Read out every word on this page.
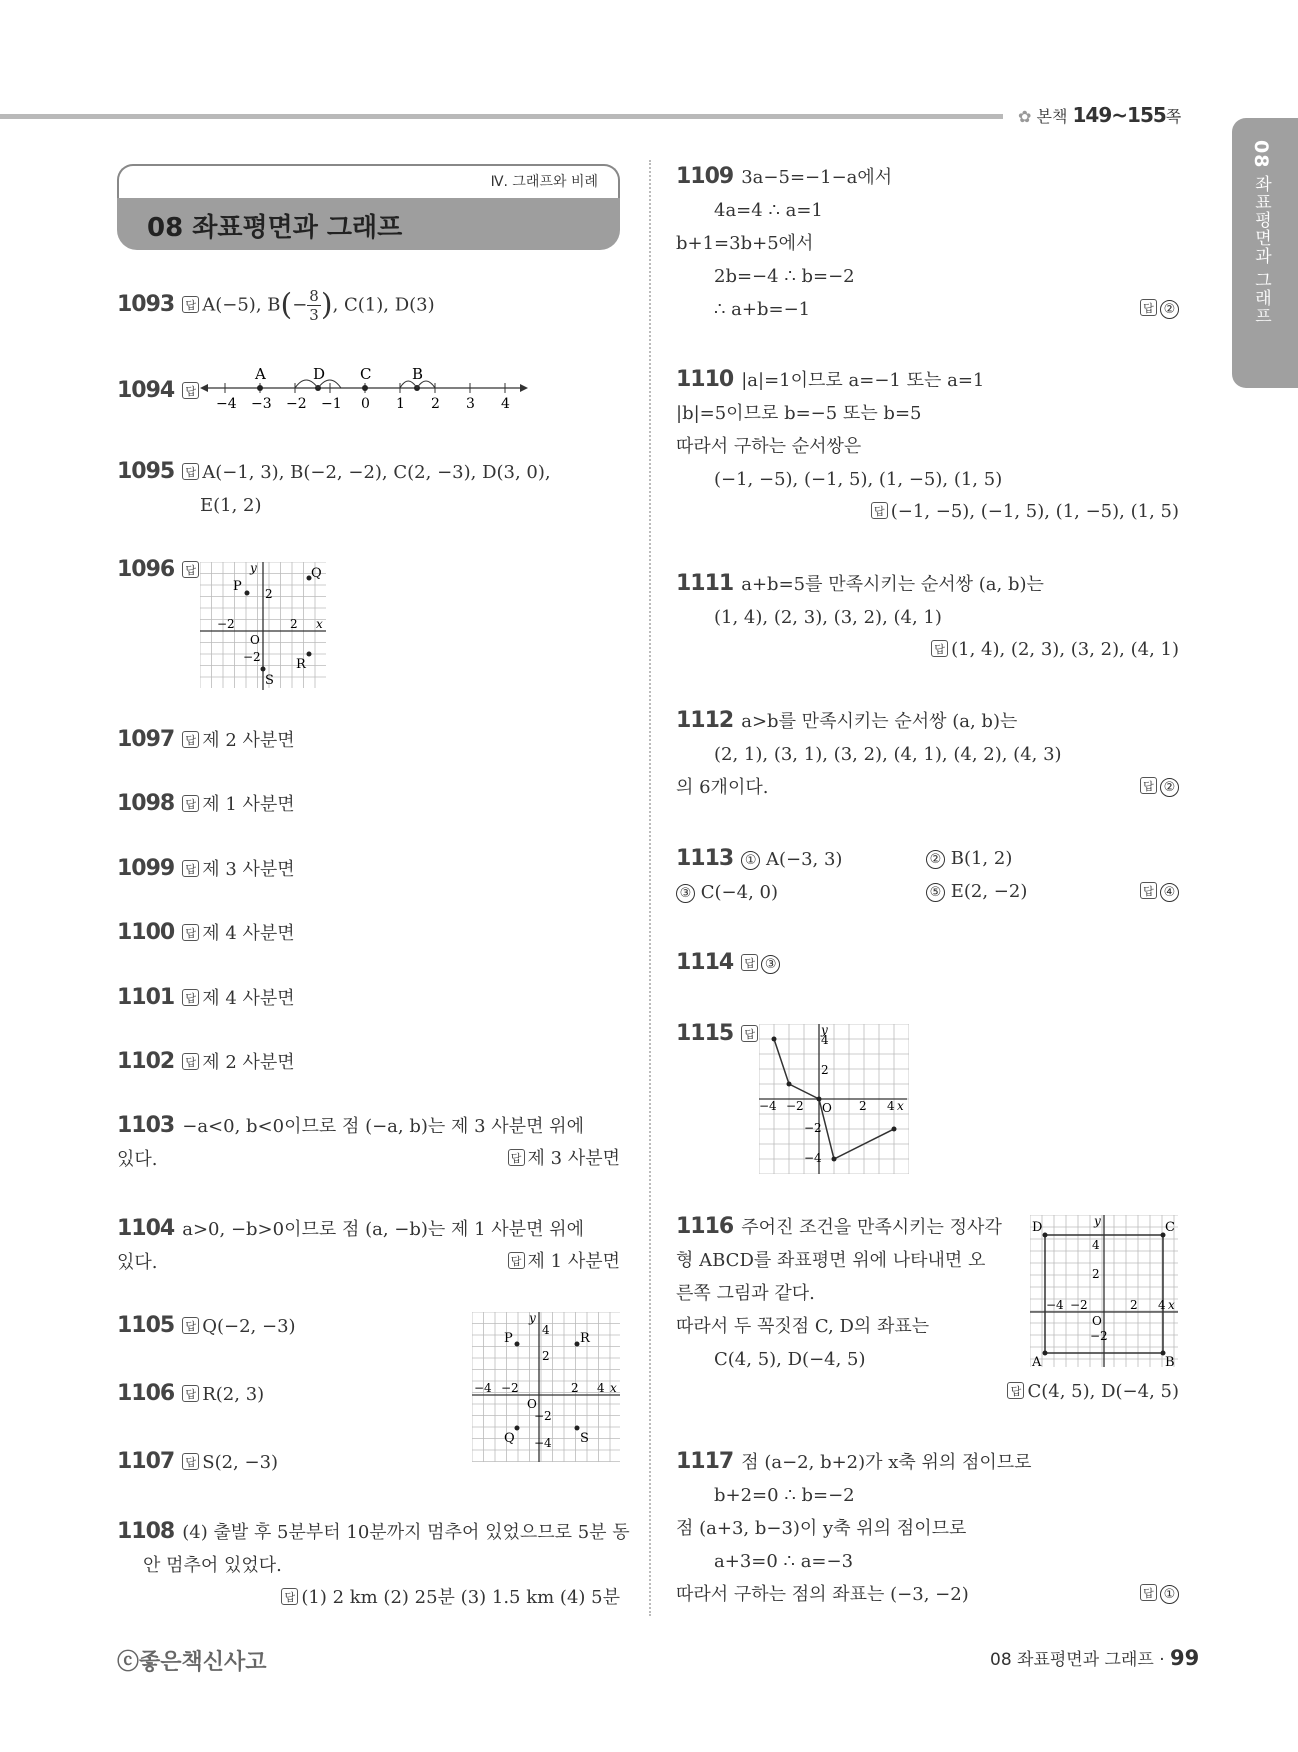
✿ 본책 149~155쪽
08 좌표평면과 그래프
Ⅳ. 그래프와 비례
08 좌표평면과 그래프
1093 답 A(−5), $B(- \frac{8}{3}$ ), C(1), D(3)
1094 답
−4 −3 −2 −1 0 1 2 3 4
A	D C	B
1095 답 A(−1, 3), B(−2, −2), C(2, −3), D(3, 0),
E(1, 2)
1096 답
P
Q
R
S
x
y
O
2
2
−2
−2
1097 답 제 2 사분면
1098 답 제 1 사분면
1099 답 제 3 사분면
1100 답 제 4 사분면
1101 답 제 4 사분면
1102 답 제 2 사분면
1103 −a<0, b<0이므로 점 (−a, b)는 제 3 사분면 위에
있다.	답 제 3 사분면
1104 a>0, −b>0이므로 점 (a, −b)는 제 1 사분면 위에
있다.	답 제 1 사분면
1105 답 Q(−2, −3)
1106 답 R(2, 3)
1107 답 S(2, −3)
P	R
Q	S
x
y
O
4
2
−2
−4
−4 −2	2 4
1108 (4) 출발 후 5분부터 10분까지 멈추어 있었으므로 5분 동
안 멈추어 있었다.

답 (1) 2 km (2) 25분 (3) 1.5 km (4) 5분
1109 3a−5=−1−a에서
4a=4 ∴ a=1
b+1=3b+5에서
2b=−4 ∴ b=−2
∴ a+b=−1	답 ②
1110 |a|=1이므로 a=−1 또는 a=1
|b|=5이므로 b=−5 또는 b=5
따라서 구하는 순서쌍은
(−1, −5), (−1, 5), (1, −5), (1, 5)
답 (−1, −5), (−1, 5), (1, −5), (1, 5)
1111 a+b=5를 만족시키는 순서쌍 (a, b)는
(1, 4), (2, 3), (3, 2), (4, 1)
답 (1, 4), (2, 3), (3, 2), (4, 1)
1112 a>b를 만족시키는 순서쌍 (a, b)는
(2, 1), (3, 1), (3, 2), (4, 1), (4, 2), (4, 3)
의 6개이다.	답 ②
1113 ① A(−3, 3)	② B(1, 2)

③ C(−4, 0)	⑤ E(2, −2)	답 ④
1114 답 ③
1115 답
x
y
O
4
2
−2
−4
−4 −2	2 4
1116 주어진 조건을 만족시키는 정사각
형 ABCD를 좌표평면 위에 나타내면 오
른쪽 그림과 같다.
따라서 두 꼭짓점 C, D의 좌표는
C(4, 5), D(−4, 5)
답 C(4, 5), D(−4, 5)
D	C
A	B
x
y
O
4
2
−2
−4 −2	2 4
1117 점 (a−2, b+2)가 x축 위의 점이므로
b+2=0 ∴ b=−2
점 (a+3, b−3)이 y축 위의 점이므로
a+3=0 ∴ a=−3
따라서 구하는 점의 좌표는 (−3, −2)	답 ①
ⓒ좋은책신사고	08 좌표평면과 그래프 · 99
